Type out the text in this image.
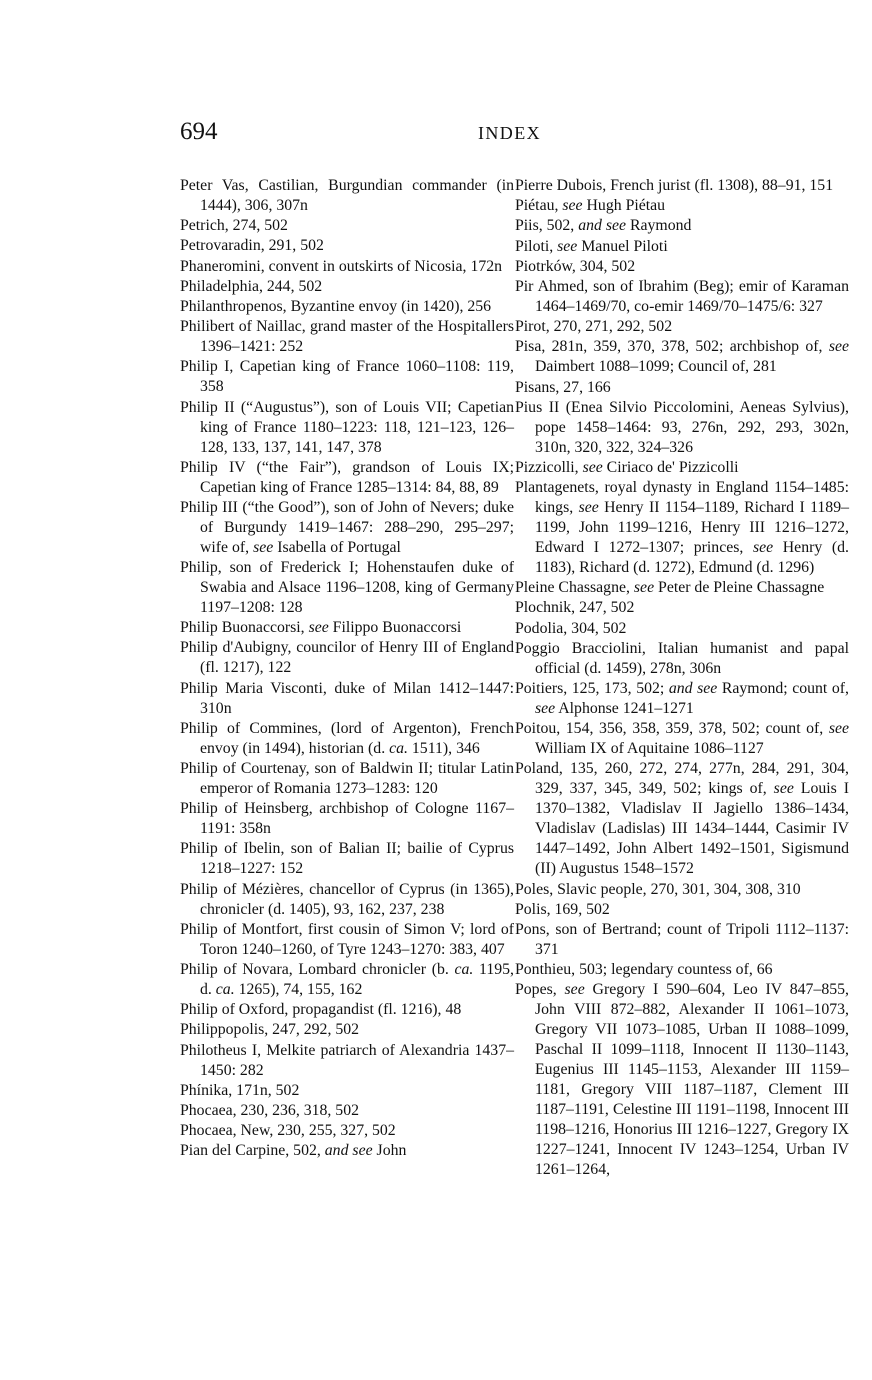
694	INDEX

Peter Vas, Castilian, Burgundian commander (in 1444), 306, 307n

Petrich, 274, 502

Petrovaradin, 291, 502

Phaneromini, convent in outskirts of Nicosia, 172n

Philadelphia, 244, 502

Philanthropenos, Byzantine envoy (in 1420), 256

Philibert of Naillac, grand master of the Hospitallers 1396–1421: 252

Philip I, Capetian king of France 1060–1108: 119, 358

Philip II (“Augustus”), son of Louis VII; Capetian king of France 1180–1223: 118, 121–123, 126–128, 133, 137, 141, 147, 378

Philip IV (“the Fair”), grandson of Louis IX; Capetian king of France 1285–1314: 84, 88, 89

Philip III (“the Good”), son of John of Nevers; duke of Burgundy 1419–1467: 288–290, 295–297; wife of, see Isabella of Portugal

Philip, son of Frederick I; Hohenstaufen duke of Swabia and Alsace 1196–1208, king of Germany 1197–1208: 128

Philip Buonaccorsi, see Filippo Buonaccorsi

Philip d'Aubigny, councilor of Henry III of England (fl. 1217), 122

Philip Maria Visconti, duke of Milan 1412–1447: 310n

Philip of Commines, (lord of Argenton), French envoy (in 1494), historian (d. ca. 1511), 346

Philip of Courtenay, son of Baldwin II; titular Latin emperor of Romania 1273–1283: 120

Philip of Heinsberg, archbishop of Cologne 1167–1191: 358n

Philip of Ibelin, son of Balian II; bailie of Cyprus 1218–1227: 152

Philip of Mézières, chancellor of Cyprus (in 1365), chronicler (d. 1405), 93, 162, 237, 238

Philip of Montfort, first cousin of Simon V; lord of Toron 1240–1260, of Tyre 1243–1270: 383, 407

Philip of Novara, Lombard chronicler (b. ca. 1195, d. ca. 1265), 74, 155, 162

Philip of Oxford, propagandist (fl. 1216), 48

Philippopolis, 247, 292, 502

Philotheus I, Melkite patriarch of Alexandria 1437–1450: 282

Phínika, 171n, 502

Phocaea, 230, 236, 318, 502

Phocaea, New, 230, 255, 327, 502

Pian del Carpine, 502, and see John

Pierre Dubois, French jurist (fl. 1308), 88–91, 151

Piétau, see Hugh Piétau

Piis, 502, and see Raymond

Piloti, see Manuel Piloti

Piotrków, 304, 502

Pir Ahmed, son of Ibrahim (Beg); emir of Karaman 1464–1469/70, co-emir 1469/70–1475/6: 327

Pirot, 270, 271, 292, 502

Pisa, 281n, 359, 370, 378, 502; archbishop of, see Daimbert 1088–1099; Council of, 281

Pisans, 27, 166

Pius II (Enea Silvio Piccolomini, Aeneas Sylvius), pope 1458–1464: 93, 276n, 292, 293, 302n, 310n, 320, 322, 324–326

Pizzicolli, see Ciriaco de' Pizzicolli

Plantagenets, royal dynasty in England 1154–1485: kings, see Henry II 1154–1189, Richard I 1189–1199, John 1199–1216, Henry III 1216–1272, Edward I 1272–1307; princes, see Henry (d. 1183), Richard (d. 1272), Edmund (d. 1296)

Pleine Chassagne, see Peter de Pleine Chassagne

Plochnik, 247, 502

Podolia, 304, 502

Poggio Bracciolini, Italian humanist and papal official (d. 1459), 278n, 306n

Poitiers, 125, 173, 502; and see Raymond; count of, see Alphonse 1241–1271

Poitou, 154, 356, 358, 359, 378, 502; count of, see William IX of Aquitaine 1086–1127

Poland, 135, 260, 272, 274, 277n, 284, 291, 304, 329, 337, 345, 349, 502; kings of, see Louis I 1370–1382, Vladislav II Jagiello 1386–1434, Vladislav (Ladislas) III 1434–1444, Casimir IV 1447–1492, John Albert 1492–1501, Sigismund (II) Augustus 1548–1572

Poles, Slavic people, 270, 301, 304, 308, 310

Polis, 169, 502

Pons, son of Bertrand; count of Tripoli 1112–1137: 371

Ponthieu, 503; legendary countess of, 66

Popes, see Gregory I 590–604, Leo IV 847–855, John VIII 872–882, Alexander II 1061–1073, Gregory VII 1073–1085, Urban II 1088–1099, Paschal II 1099–1118, Innocent II 1130–1143, Eugenius III 1145–1153, Alexander III 1159–1181, Gregory VIII 1187–1187, Clement III 1187–1191, Celestine III 1191–1198, Innocent III 1198–1216, Honorius III 1216–1227, Gregory IX 1227–1241, Innocent IV 1243–1254, Urban IV 1261–1264,
